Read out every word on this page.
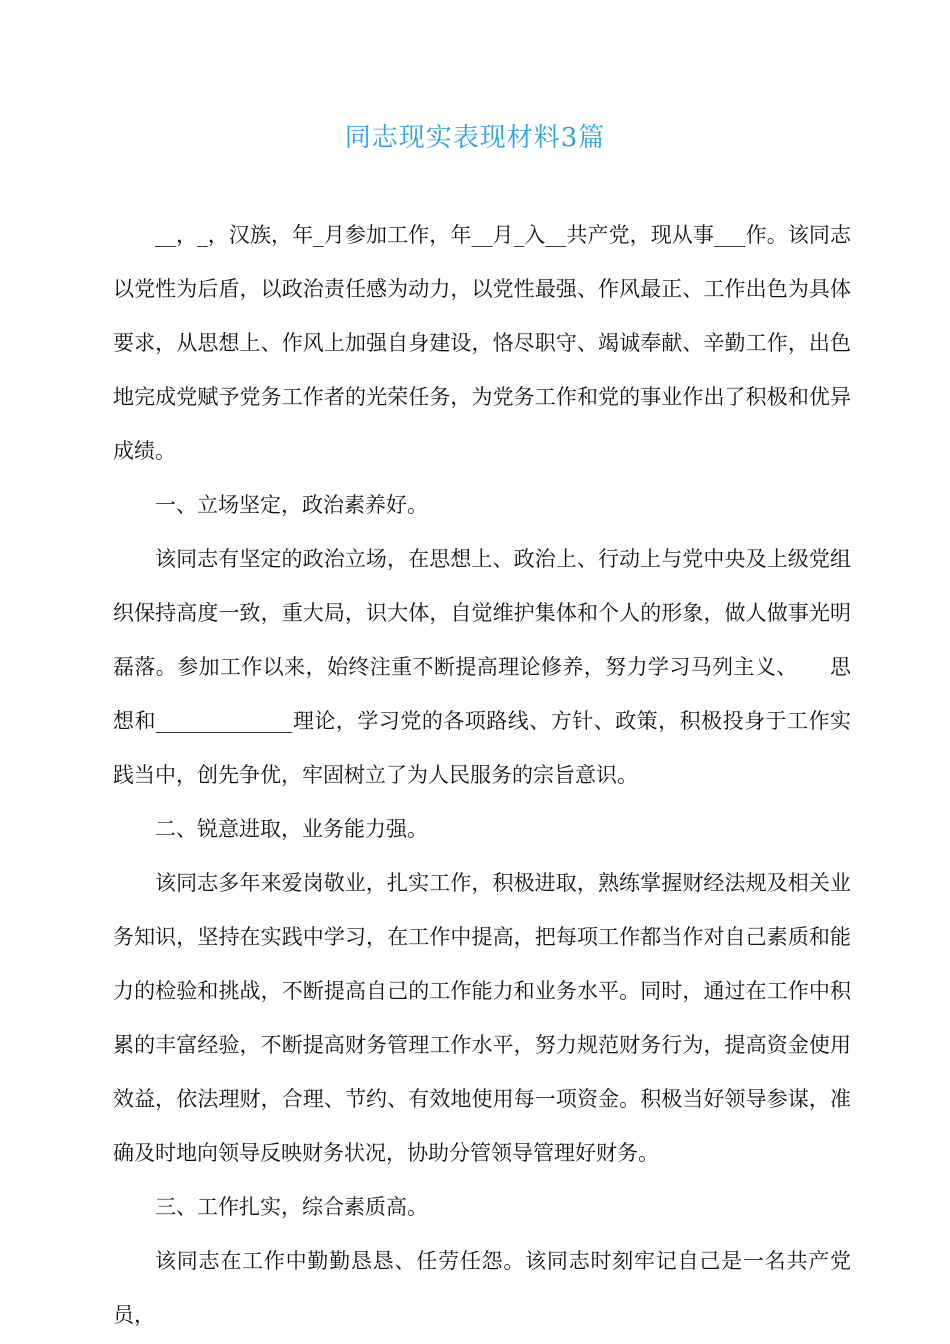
同志现实表现材料3篇

__，_，汉族，年_月参加工作，年__月_入__共产党，现从事___作。该同志以党性为后盾，以政治责任感为动力，以党性最强、作风最正、工作出色为具体要求，从思想上、作风上加强自身建设，恪尽职守、竭诚奉献、辛勤工作，出色地完成党赋予党务工作者的光荣任务，为党务工作和党的事业作出了积极和优异成绩。

一、立场坚定，政治素养好。

该同志有坚定的政治立场，在思想上、政治上、行动上与党中央及上级党组织保持高度一致，重大局，识大体，自觉维护集体和个人的形象，做人做事光明磊落。参加工作以来，始终注重不断提高理论修养，努力学习马列主义、　　思 想和_____________理论，学习党的各项路线、方针、政策，积极投身于工作实践当中，创先争优，牢固树立了为人民服务的宗旨意识。

二、锐意进取，业务能力强。

该同志多年来爱岗敬业，扎实工作，积极进取，熟练掌握财经法规及相关业务知识，坚持在实践中学习，在工作中提高，把每项工作都当作对自己素质和能力的检验和挑战，不断提高自己的工作能力和业务水平。同时，通过在工作中积累的丰富经验，不断提高财务管理工作水平，努力规范财务行为，提高资金使用效益，依法理财，合理、节约、有效地使用每一项资金。积极当好领导参谋，准确及时地向领导反映财务状况，协助分管领导管理好财务。

三、工作扎实，综合素质高。

该同志在工作中勤勤恳恳、任劳任怨。该同志时刻牢记自己是一名共产党员，
